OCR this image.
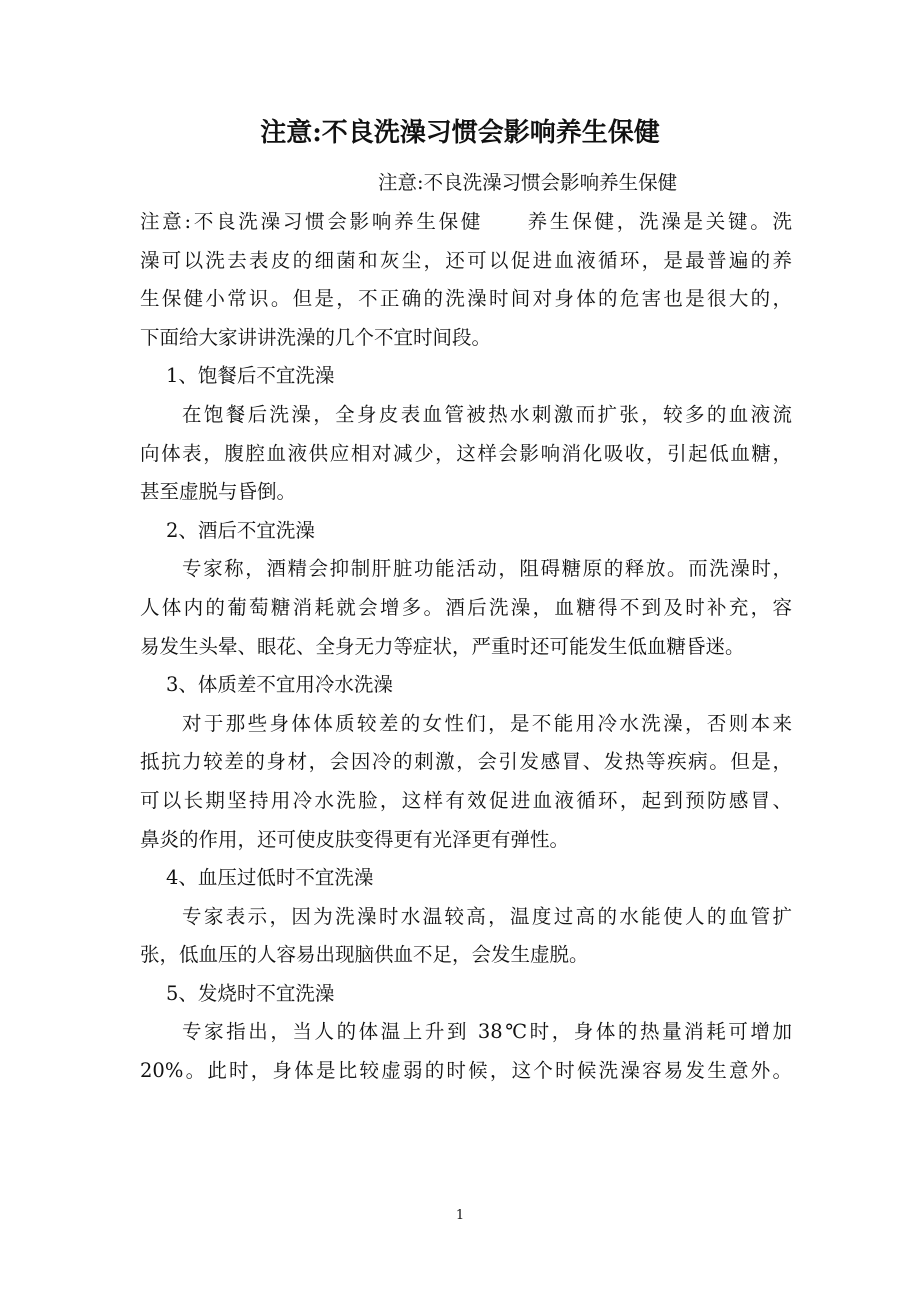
注意:不良洗澡习惯会影响养生保健
注意:不良洗澡习惯会影响养生保健
注意:不良洗澡习惯会影响养生保健　　养生保健，洗澡是关键。洗
澡可以洗去表皮的细菌和灰尘，还可以促进血液循环，是最普遍的养
生保健小常识。但是，不正确的洗澡时间对身体的危害也是很大的，
下面给大家讲讲洗澡的几个不宜时间段。
1、饱餐后不宜洗澡
在饱餐后洗澡，全身皮表血管被热水刺激而扩张，较多的血液流
向体表，腹腔血液供应相对减少，这样会影响消化吸收，引起低血糖，
甚至虚脱与昏倒。
2、酒后不宜洗澡
专家称，酒精会抑制肝脏功能活动，阻碍糖原的释放。而洗澡时，
人体内的葡萄糖消耗就会增多。酒后洗澡，血糖得不到及时补充，容
易发生头晕、眼花、全身无力等症状，严重时还可能发生低血糖昏迷。
3、体质差不宜用冷水洗澡
对于那些身体体质较差的女性们，是不能用冷水洗澡，否则本来
抵抗力较差的身材，会因冷的刺激，会引发感冒、发热等疾病。但是，
可以长期坚持用冷水洗脸，这样有效促进血液循环，起到预防感冒、
鼻炎的作用，还可使皮肤变得更有光泽更有弹性。
4、血压过低时不宜洗澡
专家表示，因为洗澡时水温较高，温度过高的水能使人的血管扩
张，低血压的人容易出现脑供血不足，会发生虚脱。
5、发烧时不宜洗澡
专家指出，当人的体温上升到 38℃时，身体的热量消耗可增加
20%。此时，身体是比较虚弱的时候，这个时候洗澡容易发生意外。
1
